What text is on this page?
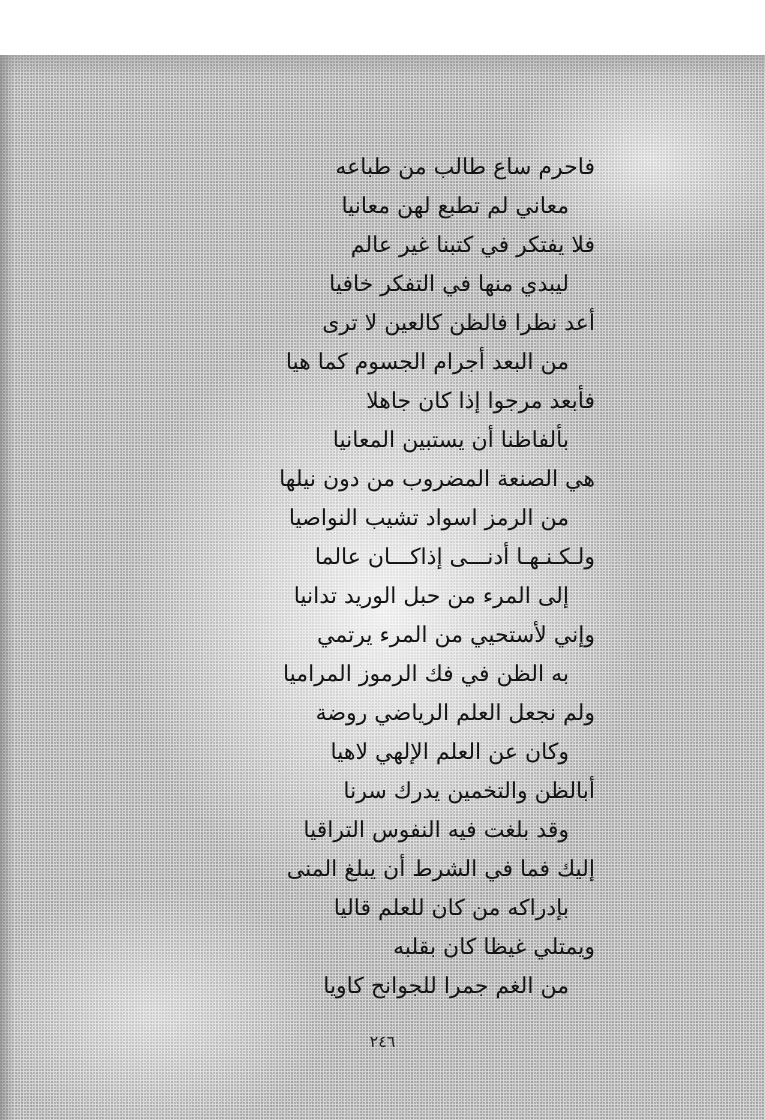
فاحرم ساع طالب من طباعه
معاني لم تطبع لهن معانيا
فلا يفتكر في كتبنا غير عالم
ليبدي منها في التفكر خافيا
أعد نظرا فالظن كالعين لا ترى
من البعد أجرام الجسوم كما هيا
فأبعد مرجوا إذا كان جاهلا
بألفاظنا أن يستبين المعانيا
هي الصنعة المضروب من دون نيلها
من الرمز اسواد تشيب النواصيا
ولـكـنـهـا أدنـــى إذاكـــان عالما
إلى المرء من حبل الوريد تدانيا
وإني لأستحيي من المرء يرتمي
به الظن في فك الرموز المراميا
ولم نجعل العلم الرياضي روضة
وكان عن العلم الإلهي لاهيا
أبالظن والتخمين يدرك سرنا
وقد بلغت فيه النفوس التراقيا
إليك فما في الشرط أن يبلغ المنى
بإدراكه من كان للعلم قاليا
ويمتلي غيظا كان بقلبه
من الغم جمرا للجوانح كاويا
٢٤٦
